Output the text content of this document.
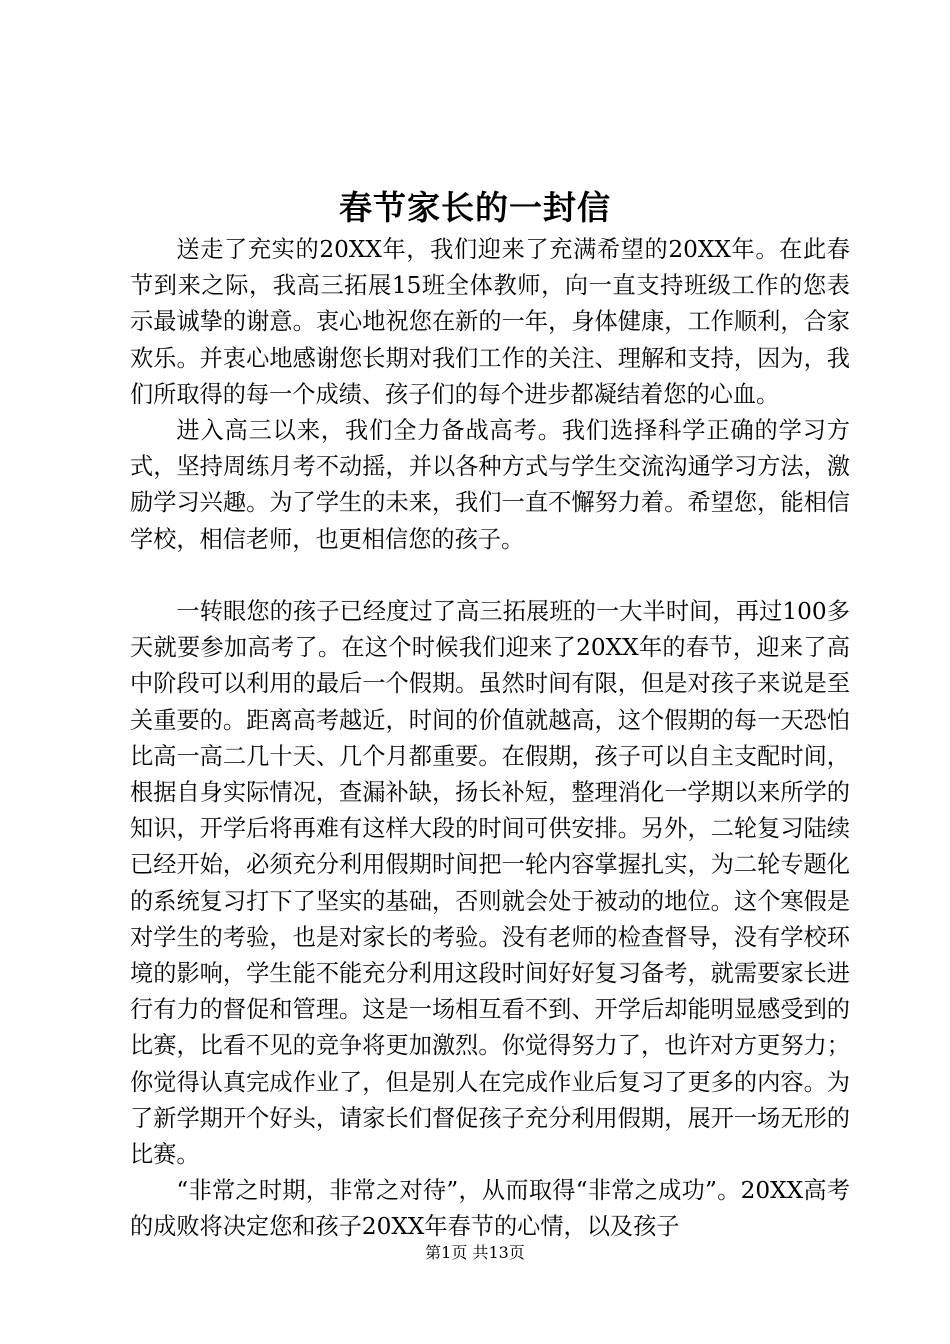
春节家长的一封信

送走了充实的20XX年，我们迎来了充满希望的20XX年。在此春节到来之际，我高三拓展15班全体教师，向一直支持班级工作的您表示最诚挚的谢意。衷心地祝您在新的一年，身体健康，工作顺利，合家欢乐。并衷心地感谢您长期对我们工作的关注、理解和支持，因为，我们所取得的每一个成绩、孩子们的每个进步都凝结着您的心血。

进入高三以来，我们全力备战高考。我们选择科学正确的学习方式，坚持周练月考不动摇，并以各种方式与学生交流沟通学习方法，激励学习兴趣。为了学生的未来，我们一直不懈努力着。希望您，能相信学校，相信老师，也更相信您的孩子。

一转眼您的孩子已经度过了高三拓展班的一大半时间，再过100多天就要参加高考了。在这个时候我们迎来了20XX年的春节，迎来了高中阶段可以利用的最后一个假期。虽然时间有限，但是对孩子来说是至关重要的。距离高考越近，时间的价值就越高，这个假期的每一天恐怕比高一高二几十天、几个月都重要。在假期，孩子可以自主支配时间，根据自身实际情况，查漏补缺，扬长补短，整理消化一学期以来所学的知识，开学后将再难有这样大段的时间可供安排。另外，二轮复习陆续已经开始，必须充分利用假期时间把一轮内容掌握扎实，为二轮专题化的系统复习打下了坚实的基础，否则就会处于被动的地位。这个寒假是对学生的考验，也是对家长的考验。没有老师的检查督导，没有学校环境的影响，学生能不能充分利用这段时间好好复习备考，就需要家长进行有力的督促和管理。这是一场相互看不到、开学后却能明显感受到的比赛，比看不见的竞争将更加激烈。你觉得努力了，也许对方更努力；你觉得认真完成作业了，但是别人在完成作业后复习了更多的内容。为了新学期开个好头，请家长们督促孩子充分利用假期，展开一场无形的比赛。

“非常之时期，非常之对待”，从而取得“非常之成功”。20XX高考的成败将决定您和孩子20XX年春节的心情，以及孩子

第1页 共13页
